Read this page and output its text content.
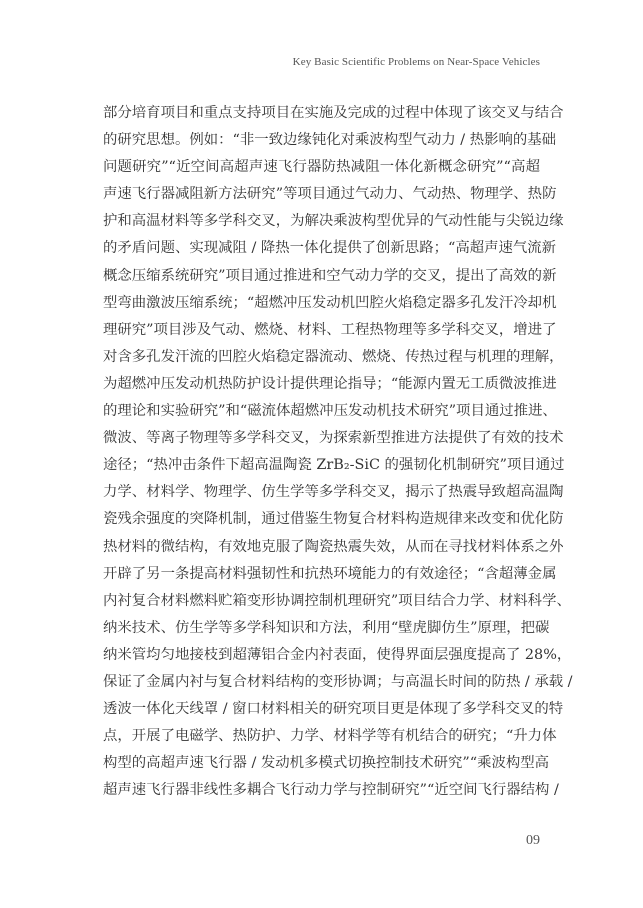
Key Basic Scientific Problems on Near-Space Vehicles
部分培育项目和重点支持项目在实施及完成的过程中体现了该交叉与结合
的研究思想。例如：“非一致边缘钝化对乘波构型气动力 / 热影响的基础
问题研究”“近空间高超声速飞行器防热减阻一体化新概念研究”“高超
声速飞行器减阻新方法研究”等项目通过气动力、气动热、物理学、热防
护和高温材料等多学科交叉，为解决乘波构型优异的气动性能与尖锐边缘
的矛盾问题、实现减阻 / 降热一体化提供了创新思路；“高超声速气流新
概念压缩系统研究”项目通过推进和空气动力学的交叉，提出了高效的新
型弯曲激波压缩系统；“超燃冲压发动机凹腔火焰稳定器多孔发汗冷却机
理研究”项目涉及气动、燃烧、材料、工程热物理等多学科交叉，增进了
对含多孔发汗流的凹腔火焰稳定器流动、燃烧、传热过程与机理的理解，
为超燃冲压发动机热防护设计提供理论指导；“能源内置无工质微波推进
的理论和实验研究”和“磁流体超燃冲压发动机技术研究”项目通过推进、
微波、等离子物理等多学科交叉，为探索新型推进方法提供了有效的技术
途径；“热冲击条件下超高温陶瓷 ZrB₂-SiC 的强韧化机制研究”项目通过
力学、材料学、物理学、仿生学等多学科交叉，揭示了热震导致超高温陶
瓷残余强度的突降机制，通过借鉴生物复合材料构造规律来改变和优化防
热材料的微结构，有效地克服了陶瓷热震失效，从而在寻找材料体系之外
开辟了另一条提高材料强韧性和抗热环境能力的有效途径；“含超薄金属
内衬复合材料燃料贮箱变形协调控制机理研究”项目结合力学、材料科学、
纳米技术、仿生学等多学科知识和方法，利用“壁虎脚仿生”原理，把碳
纳米管均匀地接枝到超薄铝合金内衬表面，使得界面层强度提高了 28%，
保证了金属内衬与复合材料结构的变形协调；与高温长时间的防热 / 承载 /
透波一体化天线罩 / 窗口材料相关的研究项目更是体现了多学科交叉的特
点，开展了电磁学、热防护、力学、材料学等有机结合的研究；“升力体
构型的高超声速飞行器 / 发动机多模式切换控制技术研究”“乘波构型高
超声速飞行器非线性多耦合飞行动力学与控制研究”“近空间飞行器结构 /
09
